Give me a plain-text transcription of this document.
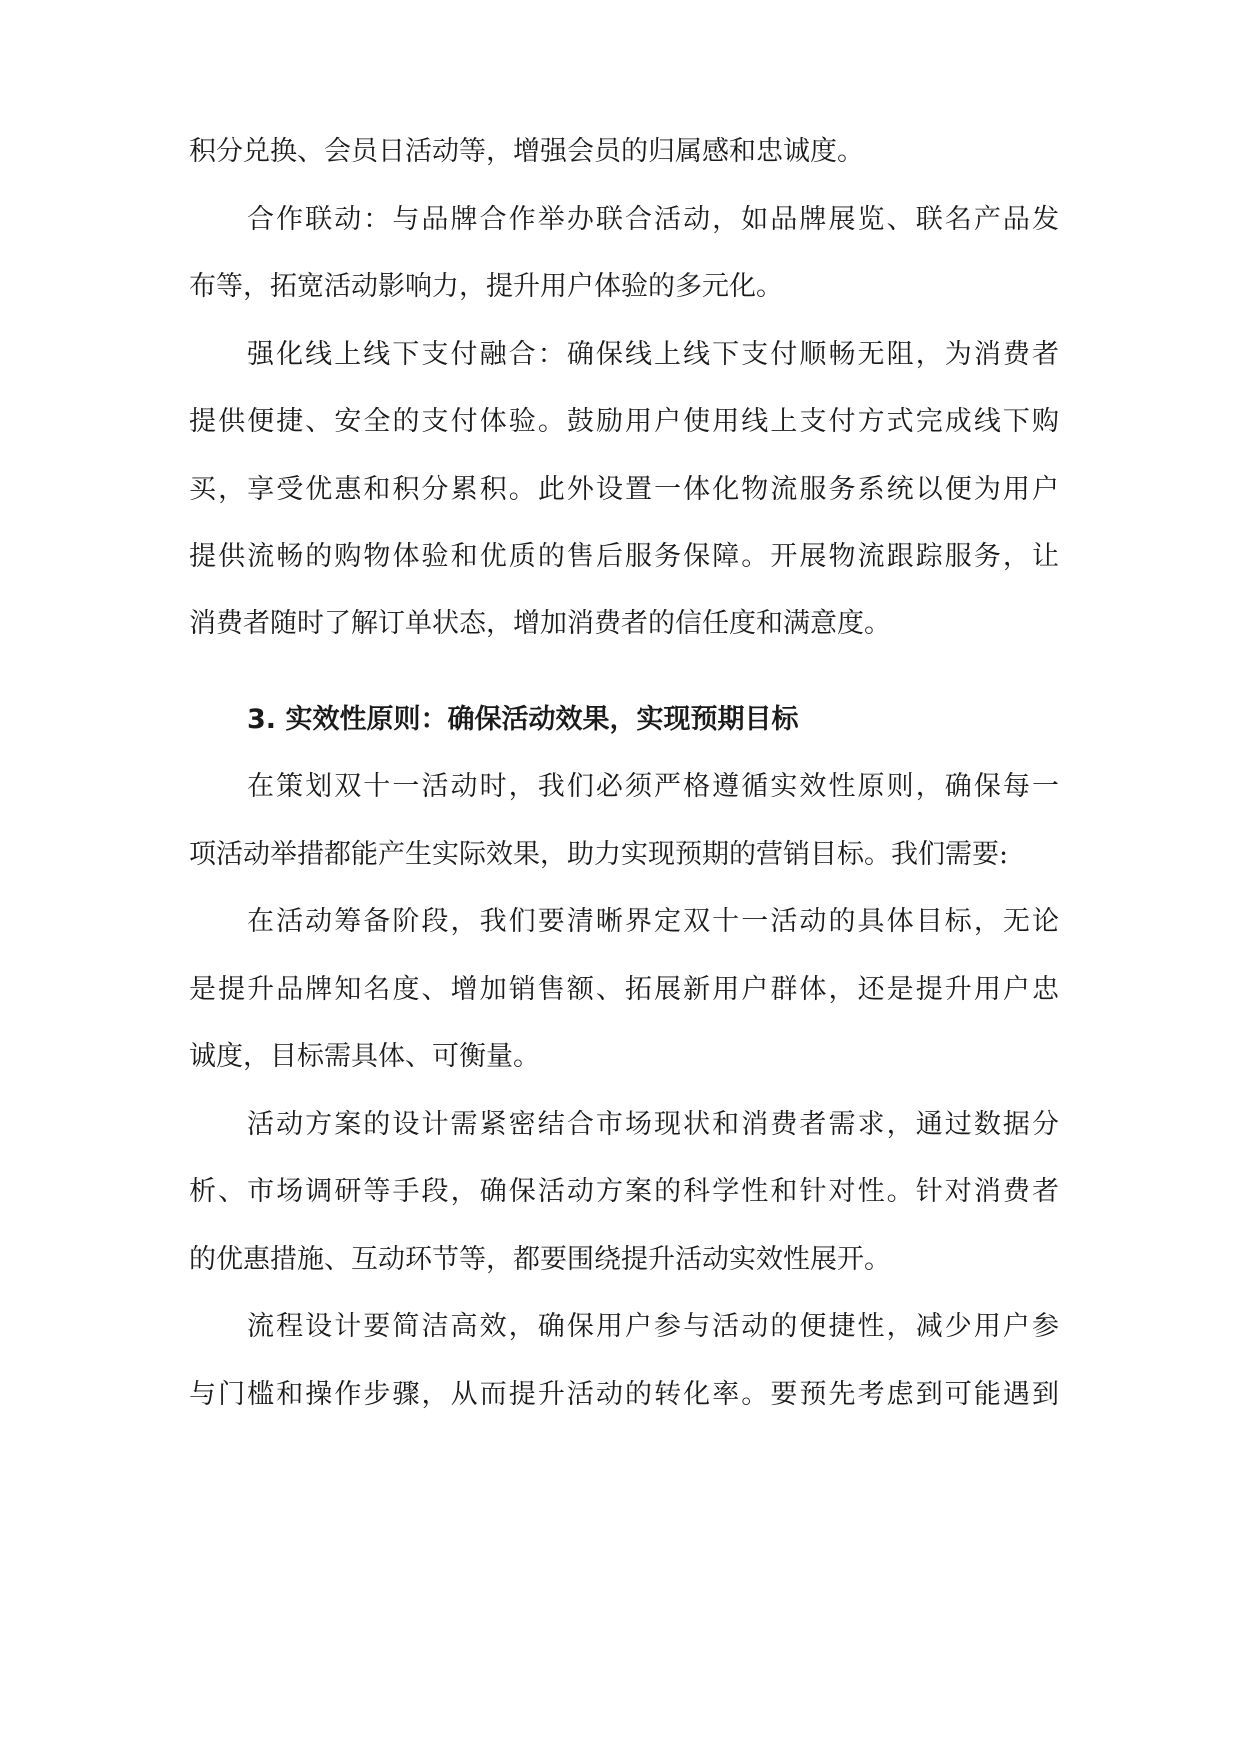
积分兑换、会员日活动等，增强会员的归属感和忠诚度。
合作联动：与品牌合作举办联合活动，如品牌展览、联名产品发
布等，拓宽活动影响力，提升用户体验的多元化。
强化线上线下支付融合：确保线上线下支付顺畅无阻，为消费者
提供便捷、安全的支付体验。鼓励用户使用线上支付方式完成线下购
买，享受优惠和积分累积。此外设置一体化物流服务系统以便为用户
提供流畅的购物体验和优质的售后服务保障。开展物流跟踪服务，让
消费者随时了解订单状态，增加消费者的信任度和满意度。
3. 实效性原则：确保活动效果，实现预期目标
在策划双十一活动时，我们必须严格遵循实效性原则，确保每一
项活动举措都能产生实际效果，助力实现预期的营销目标。我们需要:
在活动筹备阶段，我们要清晰界定双十一活动的具体目标，无论
是提升品牌知名度、增加销售额、拓展新用户群体，还是提升用户忠
诚度，目标需具体、可衡量。
活动方案的设计需紧密结合市场现状和消费者需求，通过数据分
析、市场调研等手段，确保活动方案的科学性和针对性。针对消费者
的优惠措施、互动环节等，都要围绕提升活动实效性展开。
流程设计要简洁高效，确保用户参与活动的便捷性，减少用户参
与门槛和操作步骤，从而提升活动的转化率。要预先考虑到可能遇到
